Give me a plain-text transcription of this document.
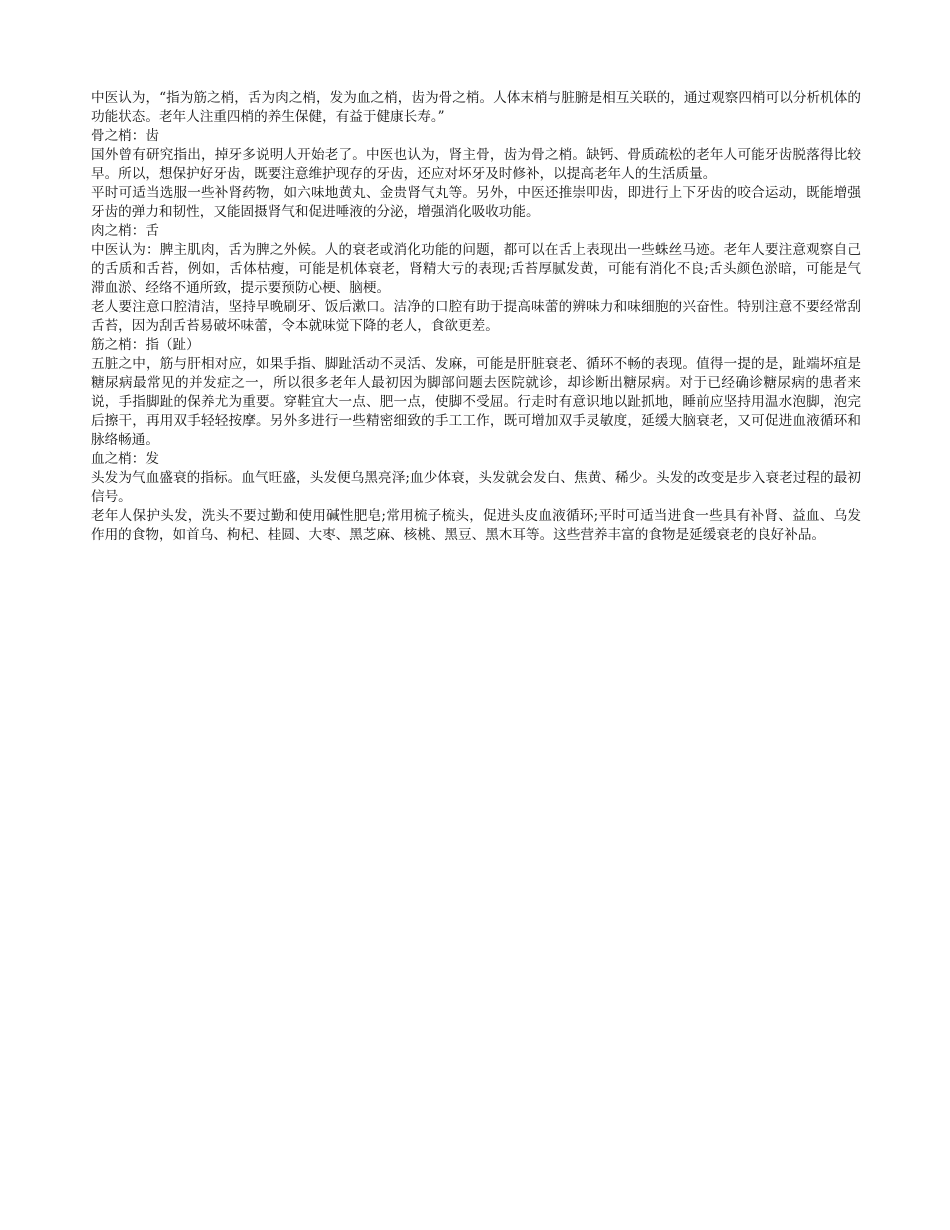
中医认为，“指为筋之梢，舌为肉之梢，发为血之梢，齿为骨之梢。人体末梢与脏腑是相互关联的，通过观察四梢可以分析机体的功能状态。老年人注重四梢的养生保健，有益于健康长寿。”

骨之梢：齿

国外曾有研究指出，掉牙多说明人开始老了。中医也认为，肾主骨，齿为骨之梢。缺钙、骨质疏松的老年人可能牙齿脱落得比较早。所以，想保护好牙齿，既要注意维护现存的牙齿，还应对坏牙及时修补，以提高老年人的生活质量。

平时可适当选服一些补肾药物，如六味地黄丸、金贵肾气丸等。另外，中医还推崇叩齿，即进行上下牙齿的咬合运动，既能增强牙齿的弹力和韧性，又能固摄肾气和促进唾液的分泌，增强消化吸收功能。

肉之梢：舌

中医认为：脾主肌肉，舌为脾之外候。人的衰老或消化功能的问题，都可以在舌上表现出一些蛛丝马迹。老年人要注意观察自己的舌质和舌苔，例如，舌体枯瘦，可能是机体衰老，肾精大亏的表现;舌苔厚腻发黄，可能有消化不良;舌头颜色淤暗，可能是气滞血淤、经络不通所致，提示要预防心梗、脑梗。

老人要注意口腔清洁，坚持早晚刷牙、饭后漱口。洁净的口腔有助于提高味蕾的辨味力和味细胞的兴奋性。特别注意不要经常刮舌苔，因为刮舌苔易破坏味蕾，令本就味觉下降的老人，食欲更差。

筋之梢：指（趾）

五脏之中，筋与肝相对应，如果手指、脚趾活动不灵活、发麻，可能是肝脏衰老、循环不畅的表现。值得一提的是，趾端坏疽是糖尿病最常见的并发症之一，所以很多老年人最初因为脚部问题去医院就诊，却诊断出糖尿病。对于已经确诊糖尿病的患者来说，手指脚趾的保养尤为重要。穿鞋宜大一点、肥一点，使脚不受屈。行走时有意识地以趾抓地，睡前应坚持用温水泡脚，泡完后擦干，再用双手轻轻按摩。另外多进行一些精密细致的手工工作，既可增加双手灵敏度，延缓大脑衰老，又可促进血液循环和脉络畅通。

血之梢：发

头发为气血盛衰的指标。血气旺盛，头发便乌黑亮泽;血少体衰，头发就会发白、焦黄、稀少。头发的改变是步入衰老过程的最初信号。

老年人保护头发，洗头不要过勤和使用碱性肥皂;常用梳子梳头，促进头皮血液循环;平时可适当进食一些具有补肾、益血、乌发作用的食物，如首乌、枸杞、桂圆、大枣、黑芝麻、核桃、黑豆、黑木耳等。这些营养丰富的食物是延缓衰老的良好补品。
